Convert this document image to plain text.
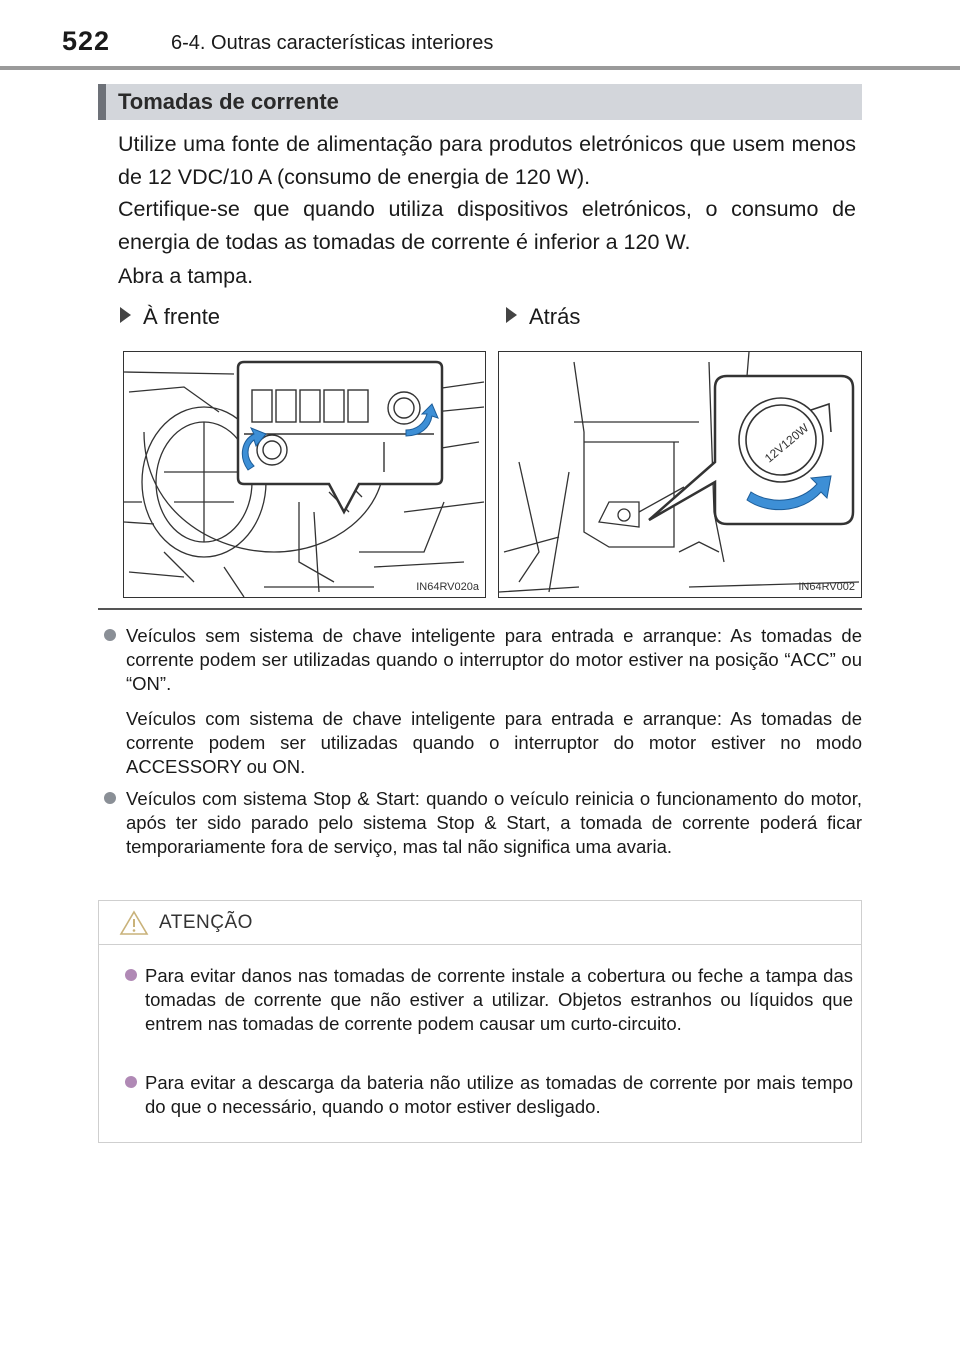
522	6-4. Outras características interiores
Tomadas de corrente
Utilize uma fonte de alimentação para produtos eletrónicos que usem menos de 12 VDC/10 A (consumo de energia de 120 W).
Certifique-se que quando utiliza dispositivos eletrónicos, o consumo de energia de todas as tomadas de corrente é inferior a 120 W.
Abra a tampa.
À frente	Atrás
IN64RV020a
12V120W
IN64RV002
Veículos sem sistema de chave inteligente para entrada e arranque: As tomadas de corrente podem ser utilizadas quando o interruptor do motor estiver na posição “ACC” ou “ON”.
Veículos com sistema de chave inteligente para entrada e arranque: As tomadas de corrente podem ser utilizadas quando o interruptor do motor estiver no modo ACCESSORY ou ON.
Veículos com sistema Stop & Start: quando o veículo reinicia o funcionamento do motor, após ter sido parado pelo sistema Stop & Start, a tomada de corrente poderá ficar temporariamente fora de serviço, mas tal não significa uma avaria.
ATENÇÃO
Para evitar danos nas tomadas de corrente instale a cobertura ou feche a tampa das tomadas de corrente que não estiver a utilizar. Objetos estranhos ou líquidos que entrem nas tomadas de corrente podem causar um curto-circuito.
Para evitar a descarga da bateria não utilize as tomadas de corrente por mais tempo do que o necessário, quando o motor estiver desligado.
